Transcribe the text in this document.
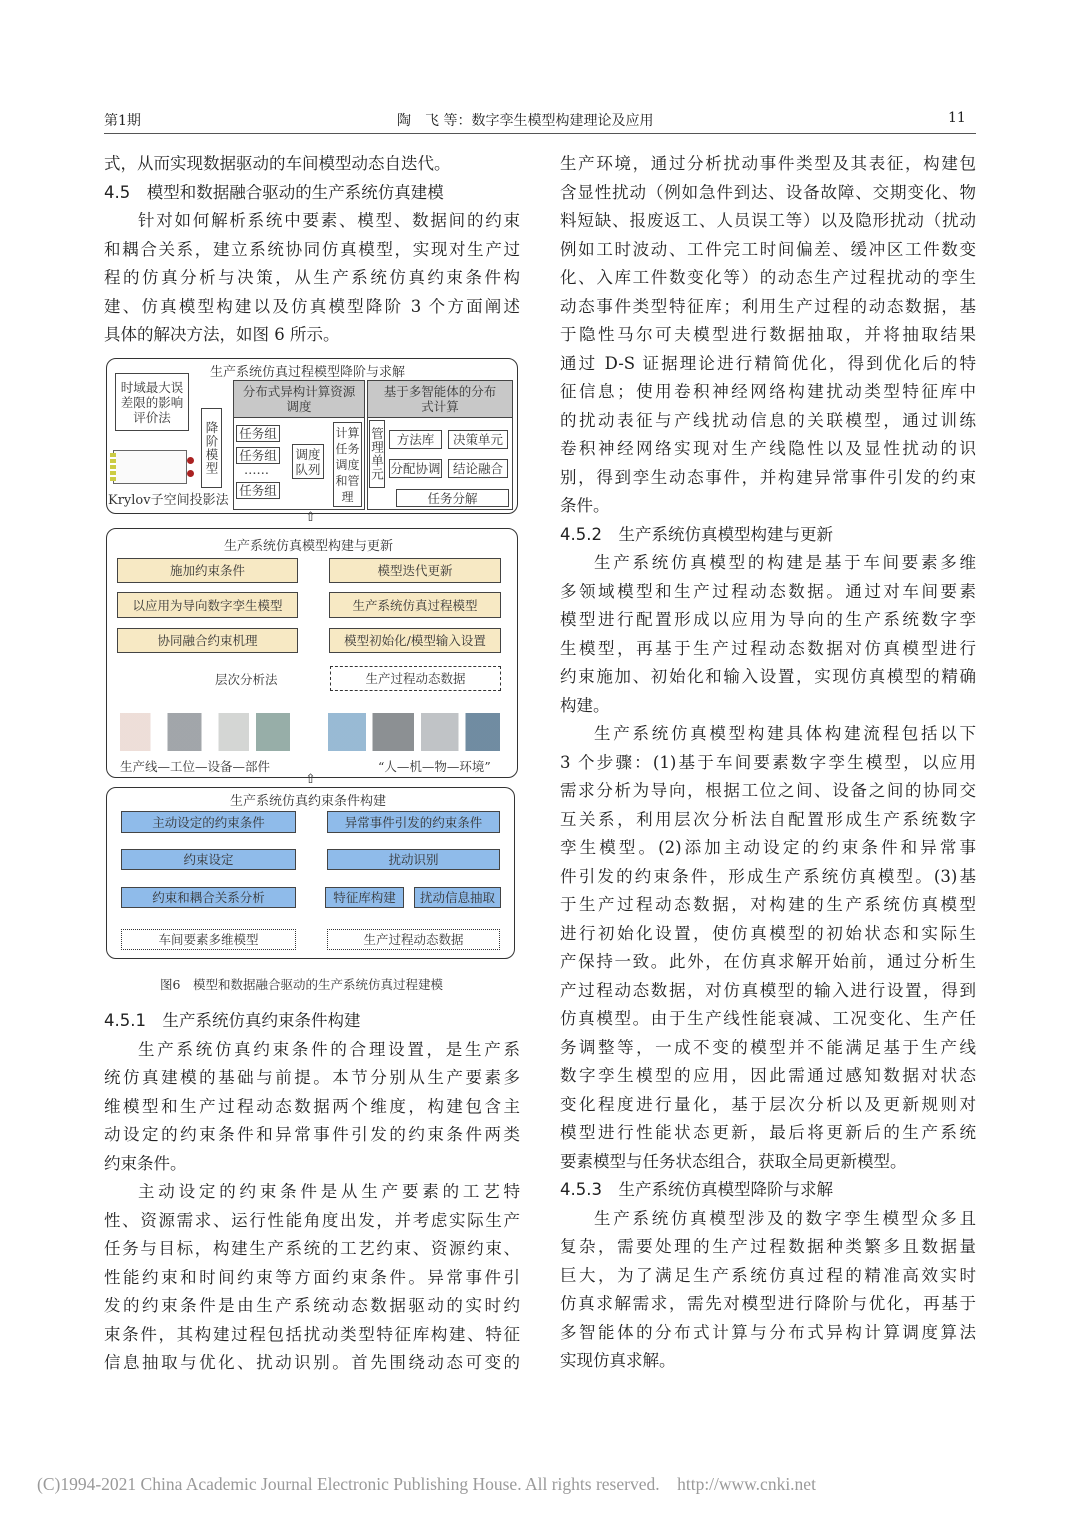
第1期	陶　飞 等：数字孪生模型构建理论及应用	11
式，从而实现数据驱动的车间模型动态自迭代。
4.5　模型和数据融合驱动的生产系统仿真建模
针对如何解析系统中要素、模型、数据间的约束
和耦合关系，建立系统协同仿真模型，实现对生产过
程的仿真分析与决策，从生产系统仿真约束条件构
建、仿真模型构建以及仿真模型降阶 3 个方面阐述
具体的解决方法，如图 6 所示。
4.5.1　生产系统仿真约束条件构建
生产系统仿真约束条件的合理设置，是生产系
统仿真建模的基础与前提。本节分别从生产要素多
维模型和生产过程动态数据两个维度，构建包含主
动设定的约束条件和异常事件引发的约束条件两类
约束条件。
主动设定的约束条件是从生产要素的工艺特
性、资源需求、运行性能角度出发，并考虑实际生产
任务与目标，构建生产系统的工艺约束、资源约束、
性能约束和时间约束等方面约束条件。异常事件引
发的约束条件是由生产系统动态数据驱动的实时约
束条件，其构建过程包括扰动类型特征库构建、特征
信息抽取与优化、扰动识别。首先围绕动态可变的
生产环境，通过分析扰动事件类型及其表征，构建包
含显性扰动（例如急件到达、设备故障、交期变化、物
料短缺、报废返工、人员误工等）以及隐形扰动（扰动
例如工时波动、工件完工时间偏差、缓冲区工件数变
化、入库工件数变化等）的动态生产过程扰动的孪生
动态事件类型特征库；利用生产过程的动态数据，基
于隐性马尔可夫模型进行数据抽取，并将抽取结果
通过 D-S 证据理论进行精简优化，得到优化后的特
征信息；使用卷积神经网络构建扰动类型特征库中
的扰动表征与产线扰动信息的关联模型，通过训练
卷积神经网络实现对生产线隐性以及显性扰动的识
别，得到孪生动态事件，并构建异常事件引发的约束
条件。
4.5.2　生产系统仿真模型构建与更新
生产系统仿真模型的构建是基于车间要素多维
多领域模型和生产过程动态数据。通过对车间要素
模型进行配置形成以应用为导向的生产系统数字孪
生模型，再基于生产过程动态数据对仿真模型进行
约束施加、初始化和输入设置，实现仿真模型的精确
构建。
生产系统仿真模型构建具体构建流程包括以下
3 个步骤：(1)基于车间要素数字孪生模型，以应用
需求分析为导向，根据工位之间、设备之间的协同交
互关系，利用层次分析法自配置形成生产系统数字
孪生模型。(2)添加主动设定的约束条件和异常事
件引发的约束条件，形成生产系统仿真模型。(3)基
于生产过程动态数据，对构建的生产系统仿真模型
进行初始化设置，使仿真模型的初始状态和实际生
产保持一致。此外，在仿真求解开始前，通过分析生
产过程动态数据，对仿真模型的输入进行设置，得到
仿真模型。由于生产线性能衰减、工况变化、生产任
务调整等，一成不变的模型并不能满足基于生产线
数字孪生模型的应用，因此需通过感知数据对状态
变化程度进行量化，基于层次分析以及更新规则对
模型进行性能状态更新，最后将更新后的生产系统
要素模型与任务状态组合，获取全局更新模型。
4.5.3　生产系统仿真模型降阶与求解
生产系统仿真模型涉及的数字孪生模型众多且
复杂，需要处理的生产过程数据种类繁多且数据量
巨大，为了满足生产系统仿真过程的精准高效实时
仿真求解需求，需先对模型进行降阶与优化，再基于
多智能体的分布式计算与分布式异构计算调度算法
实现仿真求解。
生产系统仿真过程模型降阶与求解
时域最大误差限的影响评价法
Krylov子空间投影法
降阶模型
分布式异构计算资源调度
任务组
任务组
……
任务组
调度队列
计算任务调度和管理
基于多智能体的分布式计算
管理单元 方法库	决策单元
分配协调 结论融合
任务分解
⇧
生产系统仿真模型构建与更新
施加约束条件
以应用为导向数字孪生模型
协同融合约束机理
模型迭代更新
生产系统仿真过程模型
模型初始化/模型输入设置
生产过程动态数据
层次分析法
生产线—工位—设备—部件	“人—机—物—环境”
⇧
生产系统仿真约束条件构建
主动设定的约束条件
约束设定
约束和耦合关系分析
车间要素多维模型
异常事件引发的约束条件
扰动识别
特征库构建	扰动信息抽取
生产过程动态数据
图6　模型和数据融合驱动的生产系统仿真过程建模
(C)1994-2021 China Academic Journal Electronic Publishing House. All rights reserved. http://www.cnki.net
